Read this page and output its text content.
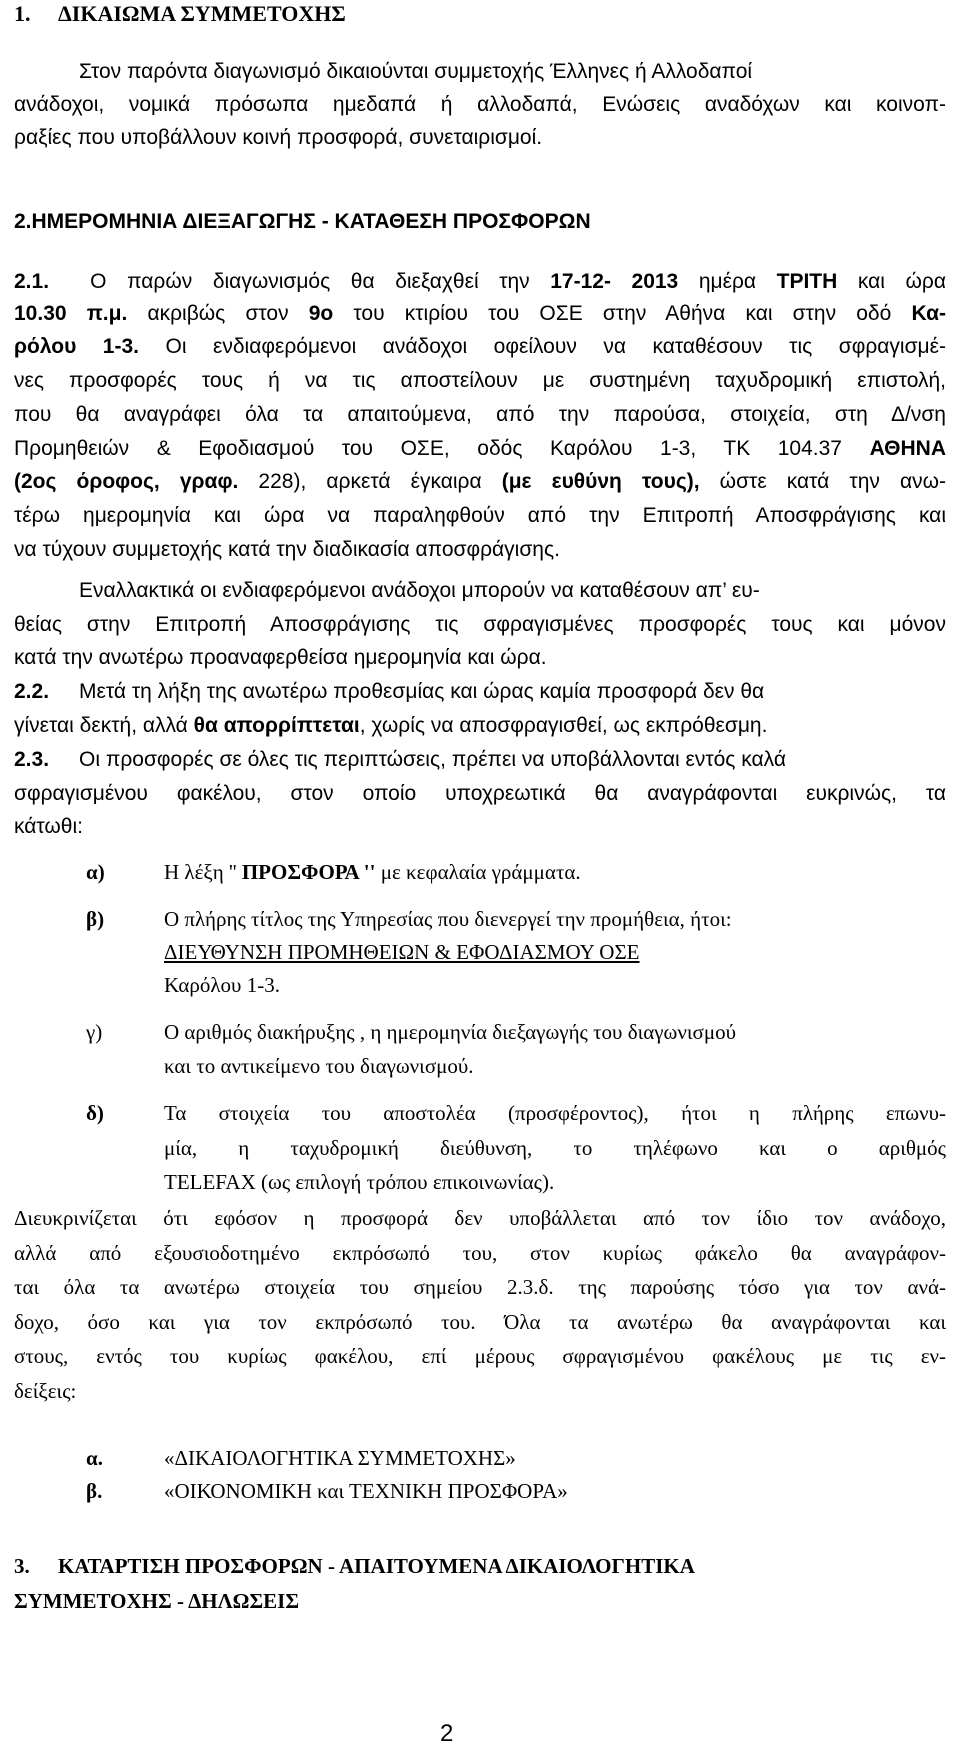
1.     ΔΙΚΑΙΩΜΑ ΣΥΜΜΕΤΟΧΗΣ
Στον παρόντα διαγωνισμό δικαιούνται συμμετοχής Έλληνες ή Αλλοδαποί
ανάδοχοι, νομικά πρόσωπα ημεδαπά ή αλλοδαπά, Ενώσεις αναδόχων και κοινοπ-
ραξίες που υποβάλλουν κοινή προσφορά, συνεταιρισμοί.
2.ΗΜΕΡΟΜΗΝΙΑ ΔΙΕΞΑΓΩΓΗΣ - ΚΑΤΑΘΕΣΗ ΠΡΟΣΦΟΡΩΝ
2.1. Ο παρών διαγωνισμός θα διεξαχθεί την 17-12- 2013 ημέρα ΤΡΙΤΗ και ώρα
10.30 π.μ. ακριβώς στον 9ο του κτιρίου του ΟΣΕ στην Αθήνα και στην οδό Κα-
ρόλου 1-3. Οι ενδιαφερόμενοι ανάδοχοι οφείλουν να καταθέσουν τις σφραγισμέ-
νες προσφορές τους ή να τις αποστείλουν με συστημένη ταχυδρομική επιστολή,
που θα αναγράφει όλα τα απαιτούμενα, από την παρούσα, στοιχεία, στη Δ/νση
Προμηθειών & Εφοδιασμού του ΟΣΕ, οδός Καρόλου 1-3, ΤΚ 104.37 ΑΘΗΝΑ
(2ος όροφος, γραφ. 228), αρκετά έγκαιρα (με ευθύνη τους), ώστε κατά την ανω-
τέρω ημερομηνία και ώρα να παραληφθούν από την Επιτροπή Αποσφράγισης και
να τύχουν συμμετοχής κατά την διαδικασία αποσφράγισης.
Εναλλακτικά οι ενδιαφερόμενοι ανάδοχοι μπορούν να καταθέσουν απ’ ευ-
θείας στην Επιτροπή Αποσφράγισης τις σφραγισμένες προσφορές τους και μόνον
κατά την ανωτέρω προαναφερθείσα ημερομηνία και ώρα.
2.2. Μετά τη λήξη της ανωτέρω προθεσμίας και ώρας καμία προσφορά δεν θα
γίνεται δεκτή, αλλά θα απορρίπτεται, χωρίς να αποσφραγισθεί, ως εκπρόθεσμη.
2.3. Οι προσφορές σε όλες τις περιπτώσεις, πρέπει να υποβάλλονται εντός καλά
σφραγισμένου φακέλου, στον οποίο υποχρεωτικά θα αναγράφονται ευκρινώς, τα
κάτωθι:
α)	Η λέξη '' ΠΡΟΣΦΟΡΑ '' με κεφαλαία γράμματα.
β)	Ο πλήρης τίτλος της Υπηρεσίας που διενεργεί την προμήθεια, ήτοι:
ΔΙΕΥΘΥΝΣΗ ΠΡΟΜΗΘΕΙΩΝ & ΕΦΟΔΙΑΣΜΟΥ ΟΣΕ
Καρόλου 1-3.
γ)	Ο αριθμός διακήρυξης , η ημερομηνία διεξαγωγής του διαγωνισμού
και το αντικείμενο του διαγωνισμού.
δ)	Τα στοιχεία του αποστολέα (προσφέροντος), ήτοι η πλήρης επωνυ-
μία, η ταχυδρομική διεύθυνση, το τηλέφωνο και ο αριθμός
TELEFAX (ως επιλογή τρόπου επικοινωνίας).
Διευκρινίζεται ότι εφόσον η προσφορά δεν υποβάλλεται από τον ίδιο τον ανάδοχο,
αλλά από εξουσιοδοτημένο εκπρόσωπό του, στον κυρίως φάκελο θα αναγράφον-
ται όλα τα ανωτέρω στοιχεία του σημείου 2.3.δ. της παρούσης τόσο για τον ανά-
δοχο, όσο και για τον εκπρόσωπό του. Όλα τα ανωτέρω θα αναγράφονται και
στους, εντός του κυρίως φακέλου, επί μέρους σφραγισμένου φακέλους με τις εν-
δείξεις:
α.	«ΔΙΚΑΙΟΛΟΓΗΤΙΚΑ ΣΥΜΜΕΤΟΧΗΣ»
β.	«ΟΙΚΟΝΟΜΙΚΗ και ΤΕΧΝΙΚΗ ΠΡΟΣΦΟΡΑ»
3. ΚΑΤΑΡΤΙΣΗ ΠΡΟΣΦΟΡΩΝ - ΑΠΑΙΤΟΥΜΕΝΑ ΔΙΚΑΙΟΛΟΓΗΤΙΚΑ
ΣΥΜΜΕΤΟΧΗΣ - ΔΗΛΩΣΕΙΣ
2
